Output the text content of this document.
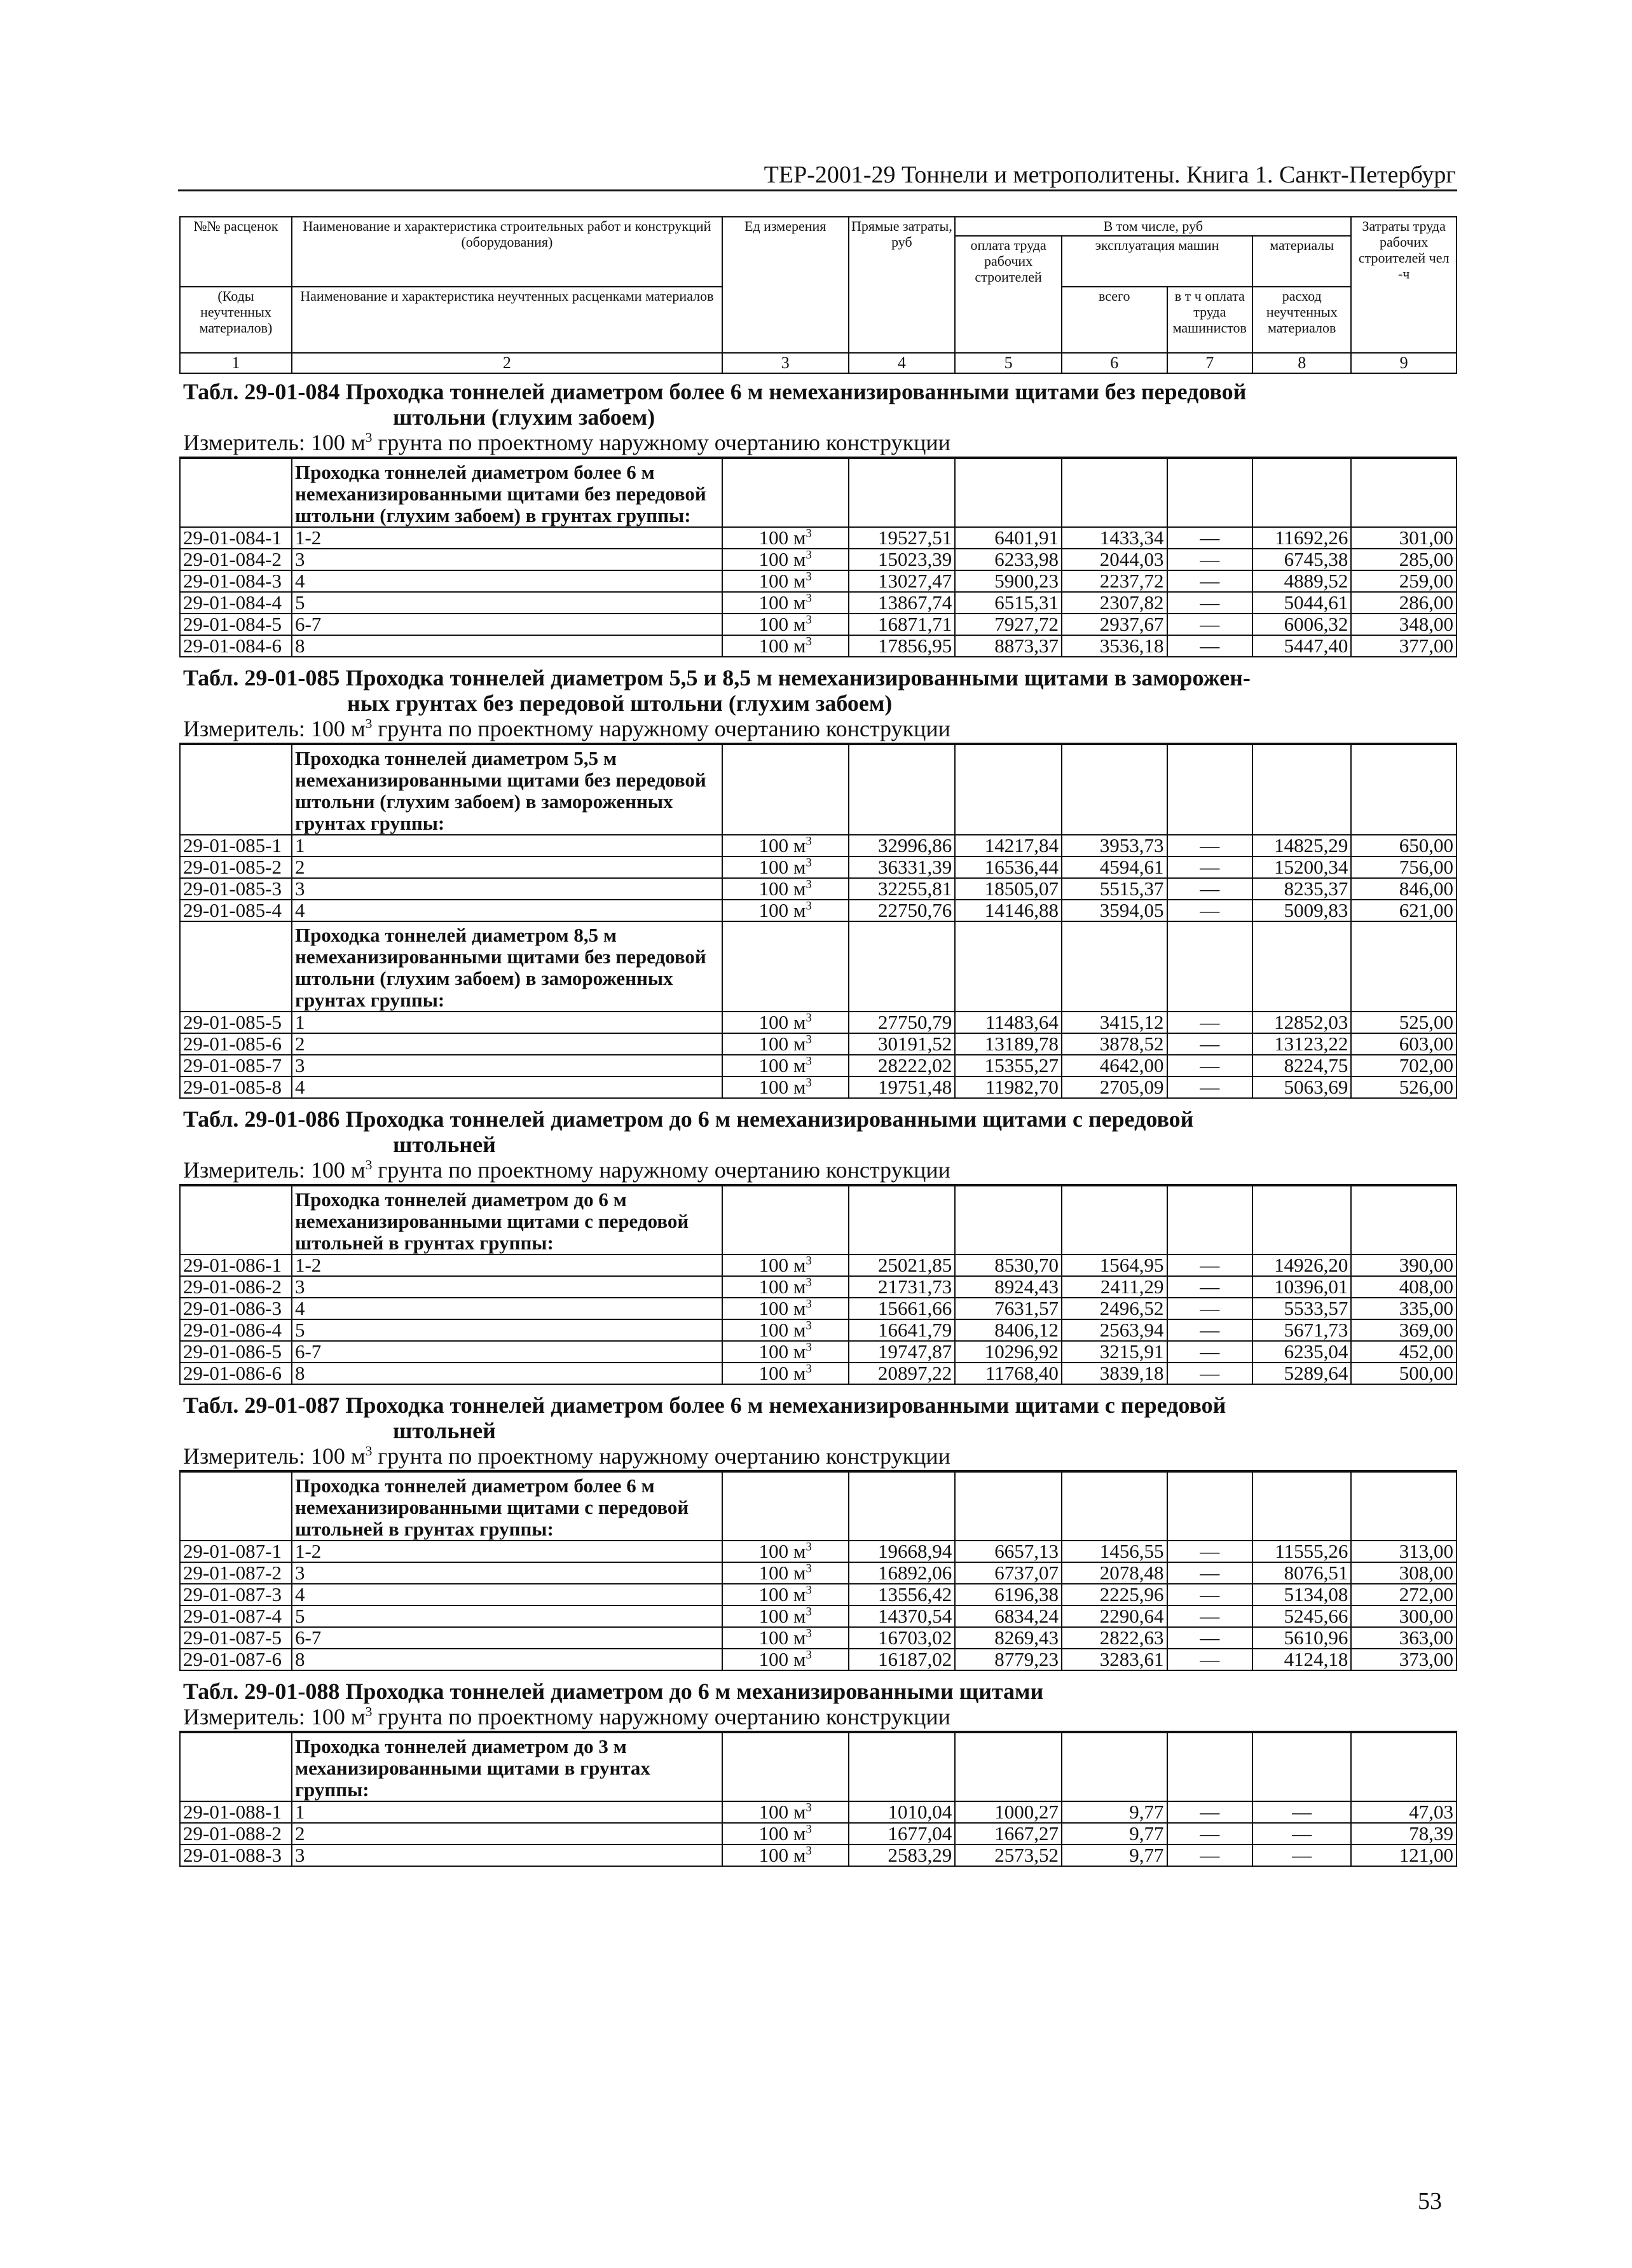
ТЕР-2001-29 Тоннели и метрополитены. Книга 1. Санкт-Петербург
№№ расценок	Наименование и характеристика строительных работ и конструкций (оборудования)	Ед измерения	Прямые затраты, руб	В том числе, руб				Затраты труда рабочих строителей чел -ч
				оплата труда рабочих строителей	эксплуатация машин		материалы	
(Коды неучтенных материалов)	Наименование и характеристика неучтенных расценками материалов				всего	в т ч оплата труда машинистов	расход неучтенных материалов	
1	2	3	4	5	6	7	8	9
Табл. 29-01-084 Проходка тоннелей диаметром более 6 м немеханизированными щитами без передовой
штольни (глухим забоем)
Измеритель: 100 $м^3$ грунта по проектному наружному очертанию конструкции
	Проходка тоннелей диаметром более 6 м немеханизированными щитами без передовой штольни (глухим забоем) в грунтах группы:							
29-01-084-1	1-2	100 $м^3$	19527,51	6401,91	1433,34	—	11692,26	301,00
29-01-084-2	3	100 $м^3$	15023,39	6233,98	2044,03	—	6745,38	285,00
29-01-084-3	4	100 $м^3$	13027,47	5900,23	2237,72	—	4889,52	259,00
29-01-084-4	5	100 $м^3$	13867,74	6515,31	2307,82	—	5044,61	286,00
29-01-084-5	6-7	100 $м^3$	16871,71	7927,72	2937,67	—	6006,32	348,00
29-01-084-6	8	100 $м^3$	17856,95	8873,37	3536,18	—	5447,40	377,00
Табл. 29-01-085 Проходка тоннелей диаметром 5,5 и 8,5 м немеханизированными щитами в заморожен-
ных грунтах без передовой штольни (глухим забоем)
Измеритель: 100 $м^3$ грунта по проектному наружному очертанию конструкции
	Проходка тоннелей диаметром 5,5 м немеханизированными щитами без передовой штольни (глухим забоем) в замороженных грунтах группы:							
29-01-085-1	1	100 $м^3$	32996,86	14217,84	3953,73	—	14825,29	650,00
29-01-085-2	2	100 $м^3$	36331,39	16536,44	4594,61	—	15200,34	756,00
29-01-085-3	3	100 $м^3$	32255,81	18505,07	5515,37	—	8235,37	846,00
29-01-085-4	4	100 $м^3$	22750,76	14146,88	3594,05	—	5009,83	621,00
	Проходка тоннелей диаметром 8,5 м немеханизированными щитами без передовой штольни (глухим забоем) в замороженных грунтах группы:							
29-01-085-5	1	100 $м^3$	27750,79	11483,64	3415,12	—	12852,03	525,00
29-01-085-6	2	100 $м^3$	30191,52	13189,78	3878,52	—	13123,22	603,00
29-01-085-7	3	100 $м^3$	28222,02	15355,27	4642,00	—	8224,75	702,00
29-01-085-8	4	100 $м^3$	19751,48	11982,70	2705,09	—	5063,69	526,00
Табл. 29-01-086 Проходка тоннелей диаметром до 6 м немеханизированными щитами с передовой
штольней
Измеритель: 100 $м^3$ грунта по проектному наружному очертанию конструкции
	Проходка тоннелей диаметром до 6 м немеханизированными щитами с передовой штольней в грунтах группы:							
29-01-086-1	1-2	100 $м^3$	25021,85	8530,70	1564,95	—	14926,20	390,00
29-01-086-2	3	100 $м^3$	21731,73	8924,43	2411,29	—	10396,01	408,00
29-01-086-3	4	100 $м^3$	15661,66	7631,57	2496,52	—	5533,57	335,00
29-01-086-4	5	100 $м^3$	16641,79	8406,12	2563,94	—	5671,73	369,00
29-01-086-5	6-7	100 $м^3$	19747,87	10296,92	3215,91	—	6235,04	452,00
29-01-086-6	8	100 $м^3$	20897,22	11768,40	3839,18	—	5289,64	500,00
Табл. 29-01-087 Проходка тоннелей диаметром более 6 м немеханизированными щитами с передовой
штольней
Измеритель: 100 $м^3$ грунта по проектному наружному очертанию конструкции
	Проходка тоннелей диаметром более 6 м немеханизированными щитами с передовой штольней в грунтах группы:							
29-01-087-1	1-2	100 $м^3$	19668,94	6657,13	1456,55	—	11555,26	313,00
29-01-087-2	3	100 $м^3$	16892,06	6737,07	2078,48	—	8076,51	308,00
29-01-087-3	4	100 $м^3$	13556,42	6196,38	2225,96	—	5134,08	272,00
29-01-087-4	5	100 $м^3$	14370,54	6834,24	2290,64	—	5245,66	300,00
29-01-087-5	6-7	100 $м^3$	16703,02	8269,43	2822,63	—	5610,96	363,00
29-01-087-6	8	100 $м^3$	16187,02	8779,23	3283,61	—	4124,18	373,00
Табл. 29-01-088 Проходка тоннелей диаметром до 6 м механизированными щитами
Измеритель: 100 $м^3$ грунта по проектному наружному очертанию конструкции
	Проходка тоннелей диаметром до 3 м механизированными щитами в грунтах группы:							
29-01-088-1	1	100 $м^3$	1010,04	1000,27	9,77	—	—	47,03
29-01-088-2	2	100 $м^3$	1677,04	1667,27	9,77	—	—	78,39
29-01-088-3	3	100 $м^3$	2583,29	2573,52	9,77	—	—	121,00
53
